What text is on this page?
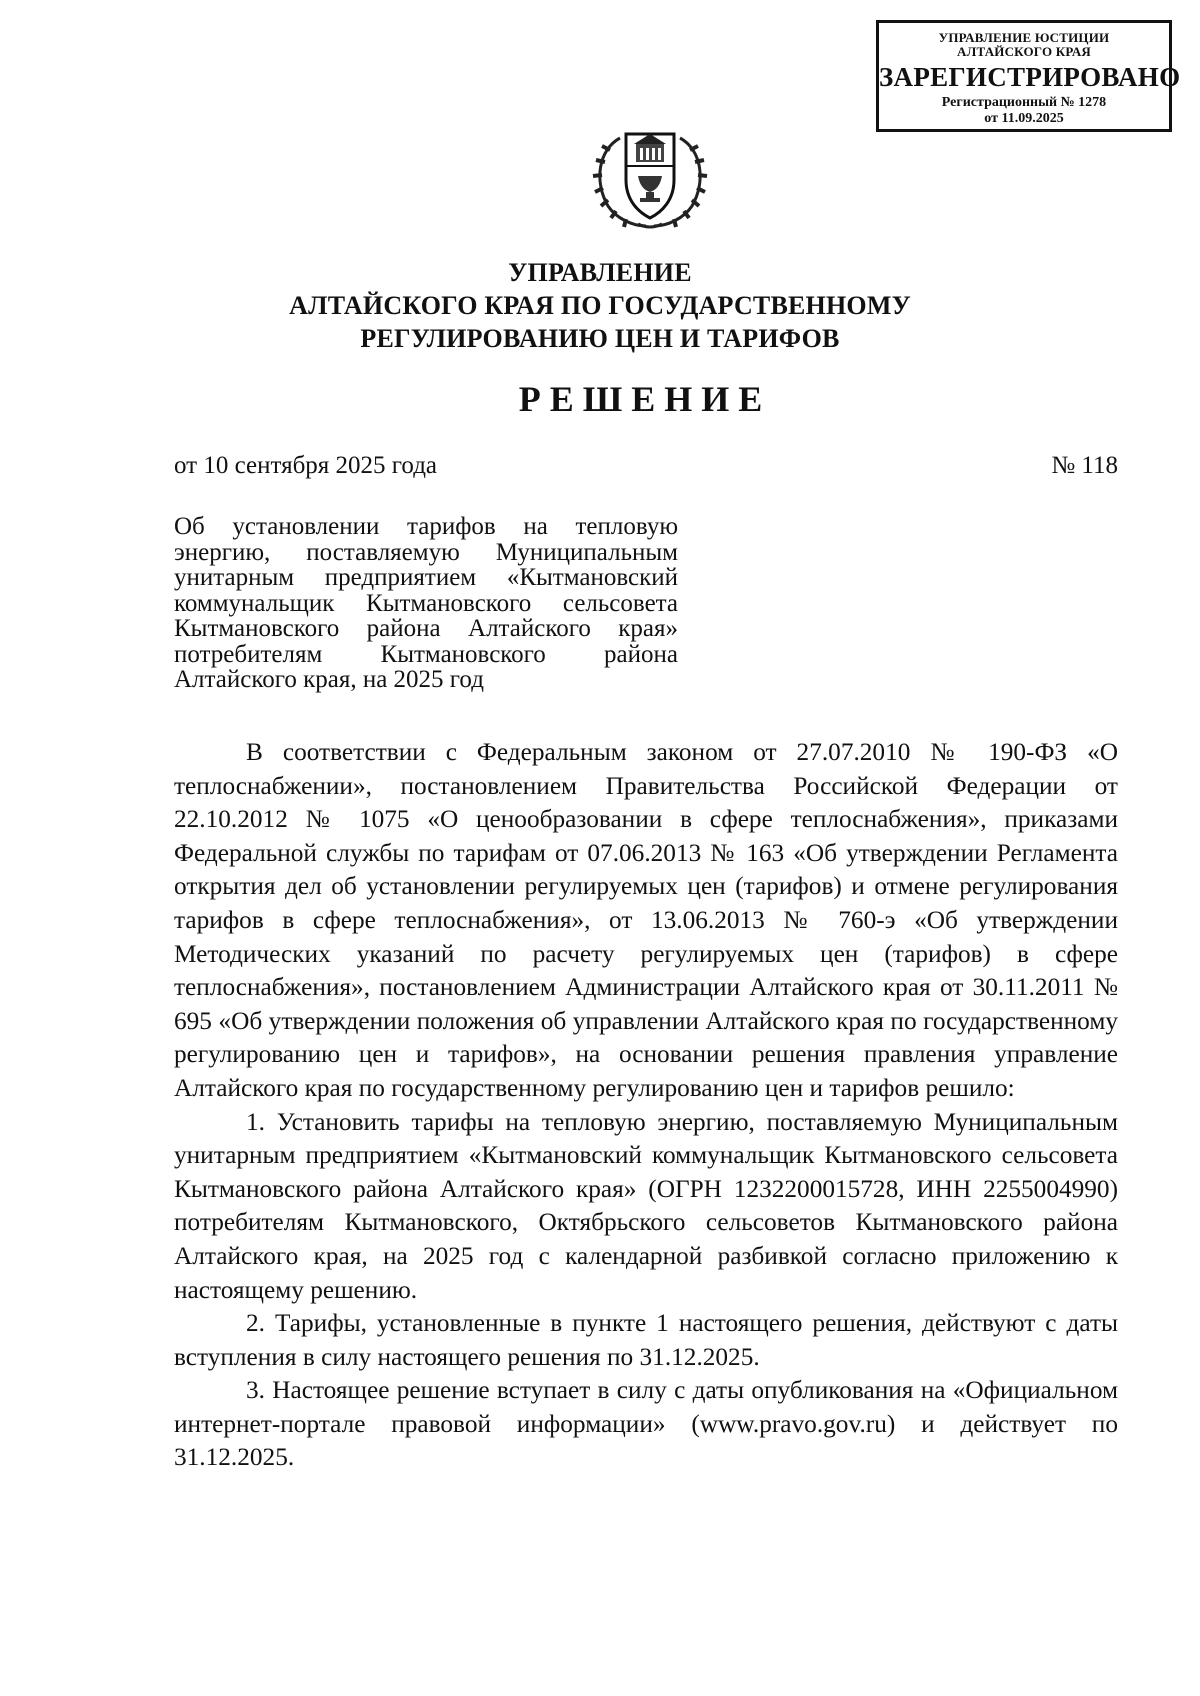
УПРАВЛЕНИЕ ЮСТИЦИИ
АЛТАЙСКОГО КРАЯ
ЗАРЕГИСТРИРОВАНО
Регистрационный № 1278
от 11.09.2025
УПРАВЛЕНИЕ
АЛТАЙСКОГО КРАЯ ПО ГОСУДАРСТВЕННОМУ
РЕГУЛИРОВАНИЮ ЦЕН И ТАРИФОВ
РЕШЕНИЕ
от 10 сентября 2025 года	№ 118
Об установлении тарифов на тепловую энергию, поставляемую Муниципальным унитарным предприятием «Кытмановский коммунальщик Кытмановского сельсовета Кытмановского района Алтайского края» потребителям Кытмановского района Алтайского края, на 2025 год

В соответствии с Федеральным законом от 27.07.2010 № 190-ФЗ «О теплоснабжении», постановлением Правительства Российской Федерации от 22.10.2012 № 1075 «О ценообразовании в сфере теплоснабжения», приказами Федеральной службы по тарифам от 07.06.2013 № 163 «Об утверждении Регламента открытия дел об установлении регулируемых цен (тарифов) и отмене регулирования тарифов в сфере теплоснабжения», от 13.06.2013 № 760-э «Об утверждении Методических указаний по расчету регулируемых цен (тарифов) в сфере теплоснабжения», постановлением Администрации Алтайского края от 30.11.2011 № 695 «Об утверждении положения об управлении Алтайского края по государственному регулированию цен и тарифов», на основании решения правления управление Алтайского края по государственному регулированию цен и тарифов решило:

1. Установить тарифы на тепловую энергию, поставляемую Муниципальным унитарным предприятием «Кытмановский коммунальщик Кытмановского сельсовета Кытмановского района Алтайского края» (ОГРН 1232200015728, ИНН 2255004990) потребителям Кытмановского, Октябрьского сельсоветов Кытмановского района Алтайского края, на 2025 год с календарной разбивкой согласно приложению к настоящему решению.

2. Тарифы, установленные в пункте 1 настоящего решения, действуют с даты вступления в силу настоящего решения по 31.12.2025.

3. Настоящее решение вступает в силу с даты опубликования на «Официальном интернет-портале правовой информации» (www.pravo.gov.ru) и действует по 31.12.2025.
